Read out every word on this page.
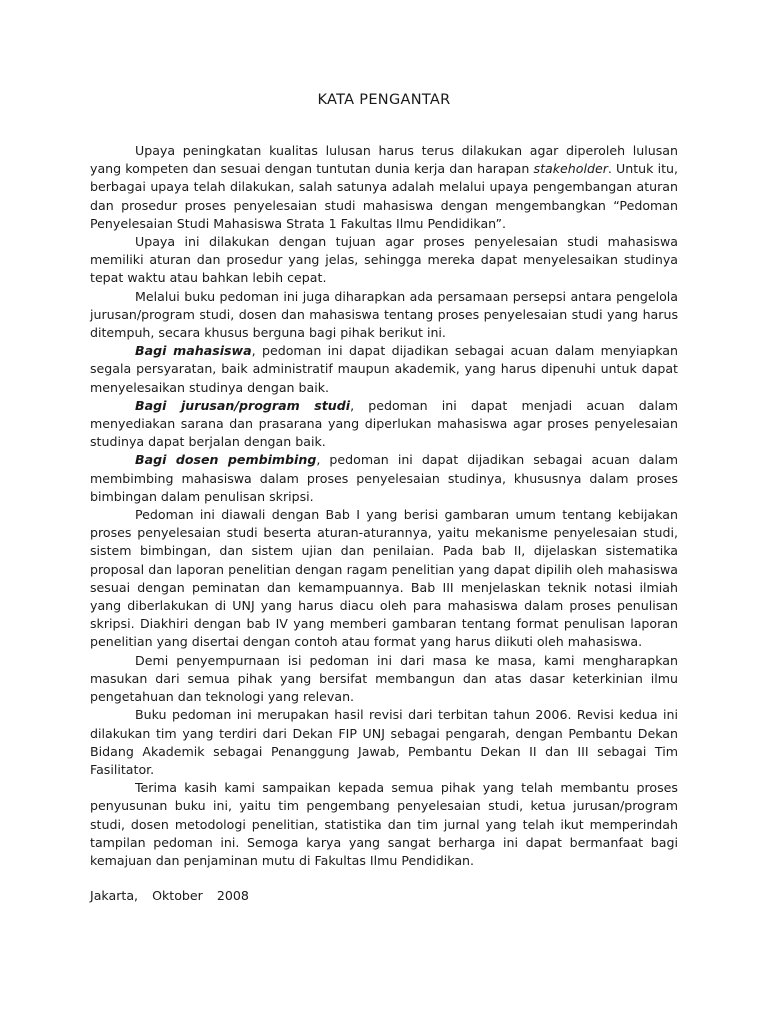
KATA PENGANTAR

Upaya peningkatan kualitas lulusan harus terus dilakukan agar diperoleh lulusan yang kompeten dan sesuai dengan tuntutan dunia kerja dan harapan stakeholder. Untuk itu, berbagai upaya telah dilakukan, salah satunya adalah melalui upaya pengembangan aturan dan prosedur proses penyelesaian studi mahasiswa dengan mengembangkan “Pedoman Penyelesaian Studi Mahasiswa Strata 1 Fakultas Ilmu Pendidikan”.

Upaya ini dilakukan dengan tujuan agar proses penyelesaian studi mahasiswa memiliki aturan dan prosedur yang jelas, sehingga mereka dapat menyelesaikan studinya tepat waktu atau bahkan lebih cepat.

Melalui buku pedoman ini juga diharapkan ada persamaan persepsi antara pengelola jurusan/program studi, dosen dan mahasiswa tentang proses penyelesaian studi yang harus ditempuh, secara khusus berguna bagi pihak berikut ini.

Bagi mahasiswa, pedoman ini dapat dijadikan sebagai acuan dalam menyiapkan segala persyaratan, baik administratif maupun akademik, yang harus dipenuhi untuk dapat menyelesaikan studinya dengan baik.

Bagi jurusan/program studi, pedoman ini dapat menjadi acuan dalam menyediakan sarana dan prasarana yang diperlukan mahasiswa agar proses penyelesaian studinya dapat berjalan dengan baik.

Bagi dosen pembimbing, pedoman ini dapat dijadikan sebagai acuan dalam membimbing mahasiswa dalam proses penyelesaian studinya, khususnya dalam proses bimbingan dalam penulisan skripsi.

Pedoman ini diawali dengan Bab I yang berisi gambaran umum tentang kebijakan proses penyelesaian studi beserta aturan-aturannya, yaitu mekanisme penyelesaian studi, sistem bimbingan, dan sistem ujian dan penilaian. Pada bab II, dijelaskan sistematika proposal dan laporan penelitian dengan ragam penelitian yang dapat dipilih oleh mahasiswa sesuai dengan peminatan dan kemampuannya. Bab III menjelaskan teknik notasi ilmiah yang diberlakukan di UNJ yang harus diacu oleh para mahasiswa dalam proses penulisan skripsi. Diakhiri dengan bab IV yang memberi gambaran tentang format penulisan laporan penelitian yang disertai dengan contoh atau format yang harus diikuti oleh mahasiswa.

Demi penyempurnaan isi pedoman ini dari masa ke masa, kami mengharapkan masukan dari semua pihak yang bersifat membangun dan atas dasar keterkinian ilmu pengetahuan dan teknologi yang relevan.

Buku pedoman ini merupakan hasil revisi dari terbitan tahun 2006. Revisi kedua ini dilakukan tim yang terdiri dari Dekan FIP UNJ sebagai pengarah, dengan Pembantu Dekan Bidang Akademik sebagai Penanggung Jawab, Pembantu Dekan II dan III sebagai Tim Fasilitator.

Terima kasih kami sampaikan kepada semua pihak yang telah membantu proses penyusunan buku ini, yaitu tim pengembang penyelesaian studi, ketua jurusan/program studi, dosen metodologi penelitian, statistika dan tim jurnal yang telah ikut memperindah tampilan pedoman ini. Semoga karya yang sangat berharga ini dapat bermanfaat bagi kemajuan dan penjaminan mutu di Fakultas Ilmu Pendidikan.

Jakarta,  Oktober  2008
